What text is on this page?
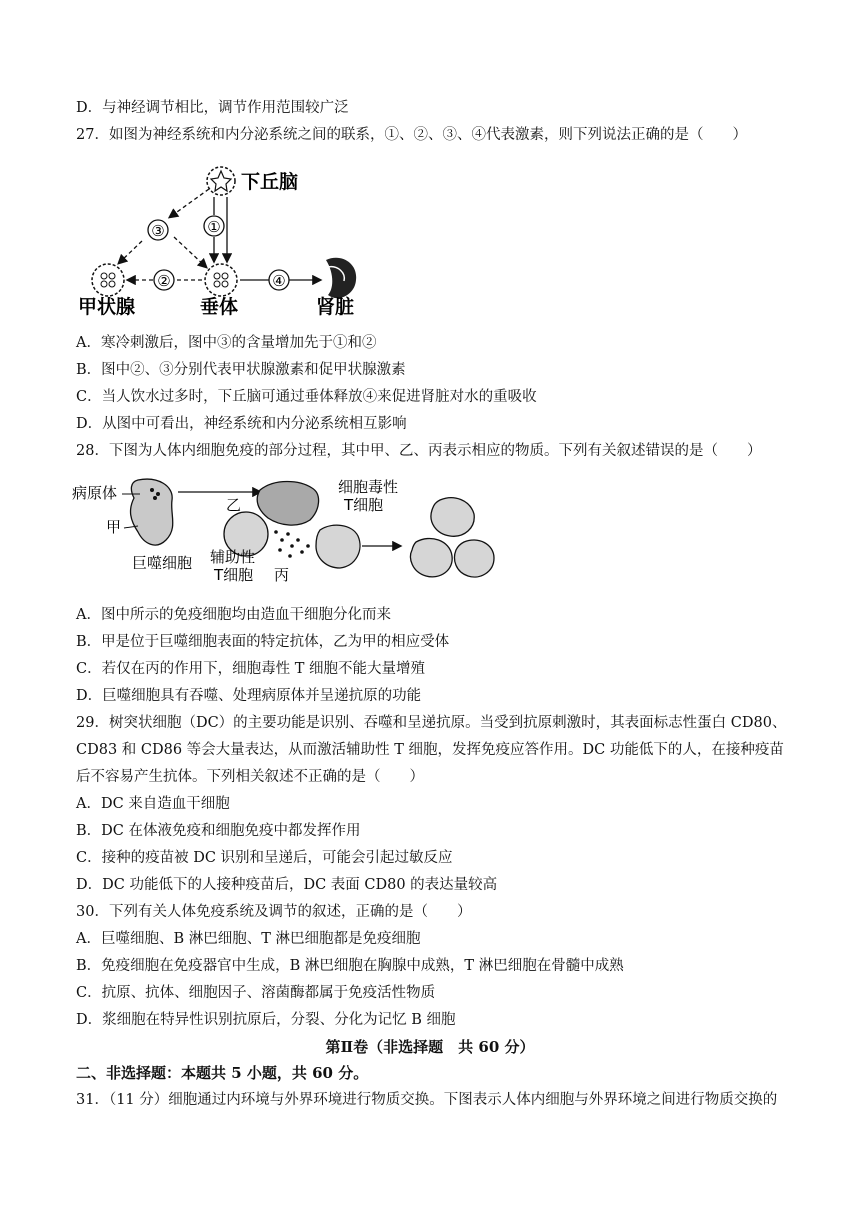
D．与神经调节相比，调节作用范围较广泛
27．如图为神经系统和内分泌系统之间的联系，①、②、③、④代表激素，则下列说法正确的是（　　）
下丘脑
甲状腺	垂体	肾脏
③	①
②	④
A．寒冷刺激后，图中③的含量增加先于①和②
B．图中②、③分别代表甲状腺激素和促甲状腺激素
C．当人饮水过多时，下丘脑可通过垂体释放④来促进肾脏对水的重吸收
D．从图中可看出，神经系统和内分泌系统相互影响
28．下图为人体内细胞免疫的部分过程，其中甲、乙、丙表示相应的物质。下列有关叙述错误的是（　　）
病原体
甲
巨噬细胞
乙
辅助性
T细胞 丙
细胞毒性
T细胞
A．图中所示的免疫细胞均由造血干细胞分化而来
B．甲是位于巨噬细胞表面的特定抗体，乙为甲的相应受体
C．若仅在丙的作用下，细胞毒性 T 细胞不能大量增殖
D．巨噬细胞具有吞噬、处理病原体并呈递抗原的功能
29．树突状细胞（DC）的主要功能是识别、吞噬和呈递抗原。当受到抗原刺激时，其表面标志性蛋白 CD80、
CD83 和 CD86 等会大量表达，从而激活辅助性 T 细胞，发挥免疫应答作用。DC 功能低下的人，在接种疫苗
后不容易产生抗体。下列相关叙述不正确的是（　　）
A．DC 来自造血干细胞
B．DC 在体液免疫和细胞免疫中都发挥作用
C．接种的疫苗被 DC 识别和呈递后，可能会引起过敏反应
D．DC 功能低下的人接种疫苗后，DC 表面 CD80 的表达量较高
30．下列有关人体免疫系统及调节的叙述，正确的是（　　）
A．巨噬细胞、B 淋巴细胞、T 淋巴细胞都是免疫细胞
B．免疫细胞在免疫器官中生成，B 淋巴细胞在胸腺中成熟，T 淋巴细胞在骨髓中成熟
C．抗原、抗体、细胞因子、溶菌酶都属于免疫活性物质
D．浆细胞在特异性识别抗原后，分裂、分化为记忆 B 细胞
第Ⅱ卷（非选择题　共 60 分）
二、非选择题：本题共 5 小题，共 60 分。
31．（11 分）细胞通过内环境与外界环境进行物质交换。下图表示人体内细胞与外界环境之间进行物质交换的
